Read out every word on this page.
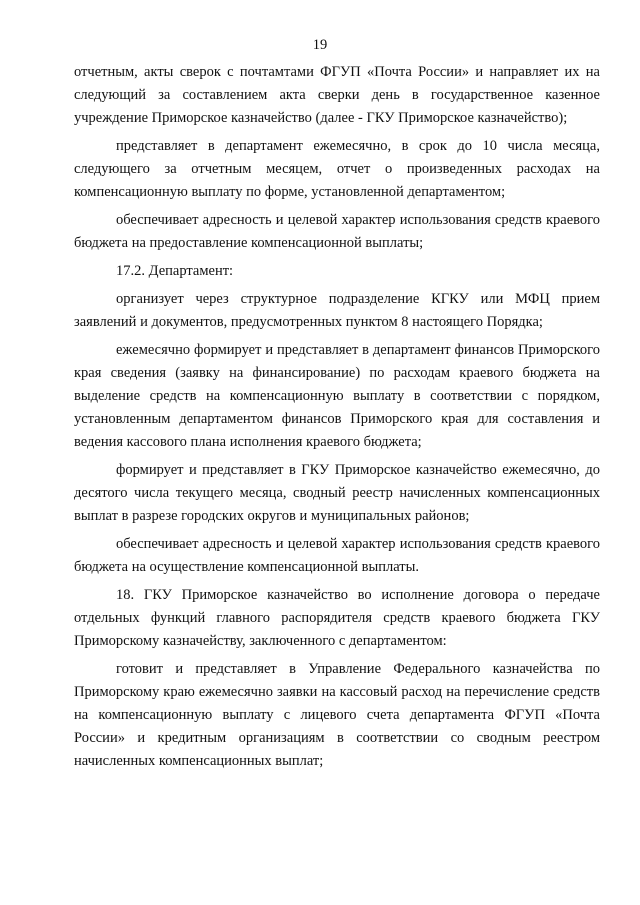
19

отчетным, акты сверок с почтамтами ФГУП «Почта России» и направляет их на следующий за составлением акта сверки день в государственное казенное учреждение Приморское казначейство (далее - ГКУ Приморское казначейство);

представляет в департамент ежемесячно, в срок до 10 числа месяца, следующего за отчетным месяцем, отчет о произведенных расходах на компенсационную выплату по форме, установленной департаментом;

обеспечивает адресность и целевой характер использования средств краевого бюджета на предоставление компенсационной выплаты;

17.2. Департамент:

организует через структурное подразделение КГКУ или МФЦ прием заявлений и документов, предусмотренных пунктом 8 настоящего Порядка;

ежемесячно формирует и представляет в департамент финансов Приморского края сведения (заявку на финансирование) по расходам краевого бюджета на выделение средств на компенсационную выплату в соответствии с порядком, установленным департаментом финансов Приморского края для составления и ведения кассового плана исполнения краевого бюджета;

формирует и представляет в ГКУ Приморское казначейство ежемесячно, до десятого числа текущего месяца, сводный реестр начисленных компенсационных выплат в разрезе городских округов и муниципальных районов;

обеспечивает адресность и целевой характер использования средств краевого бюджета на осуществление компенсационной выплаты.

18. ГКУ Приморское казначейство во исполнение договора о передаче отдельных функций главного распорядителя средств краевого бюджета ГКУ Приморскому казначейству, заключенного с департаментом:

готовит и представляет в Управление Федерального казначейства по Приморскому краю ежемесячно заявки на кассовый расход на перечисление средств на компенсационную выплату с лицевого счета департамента ФГУП «Почта России» и кредитным организациям в соответствии со сводным реестром начисленных компенсационных выплат;
